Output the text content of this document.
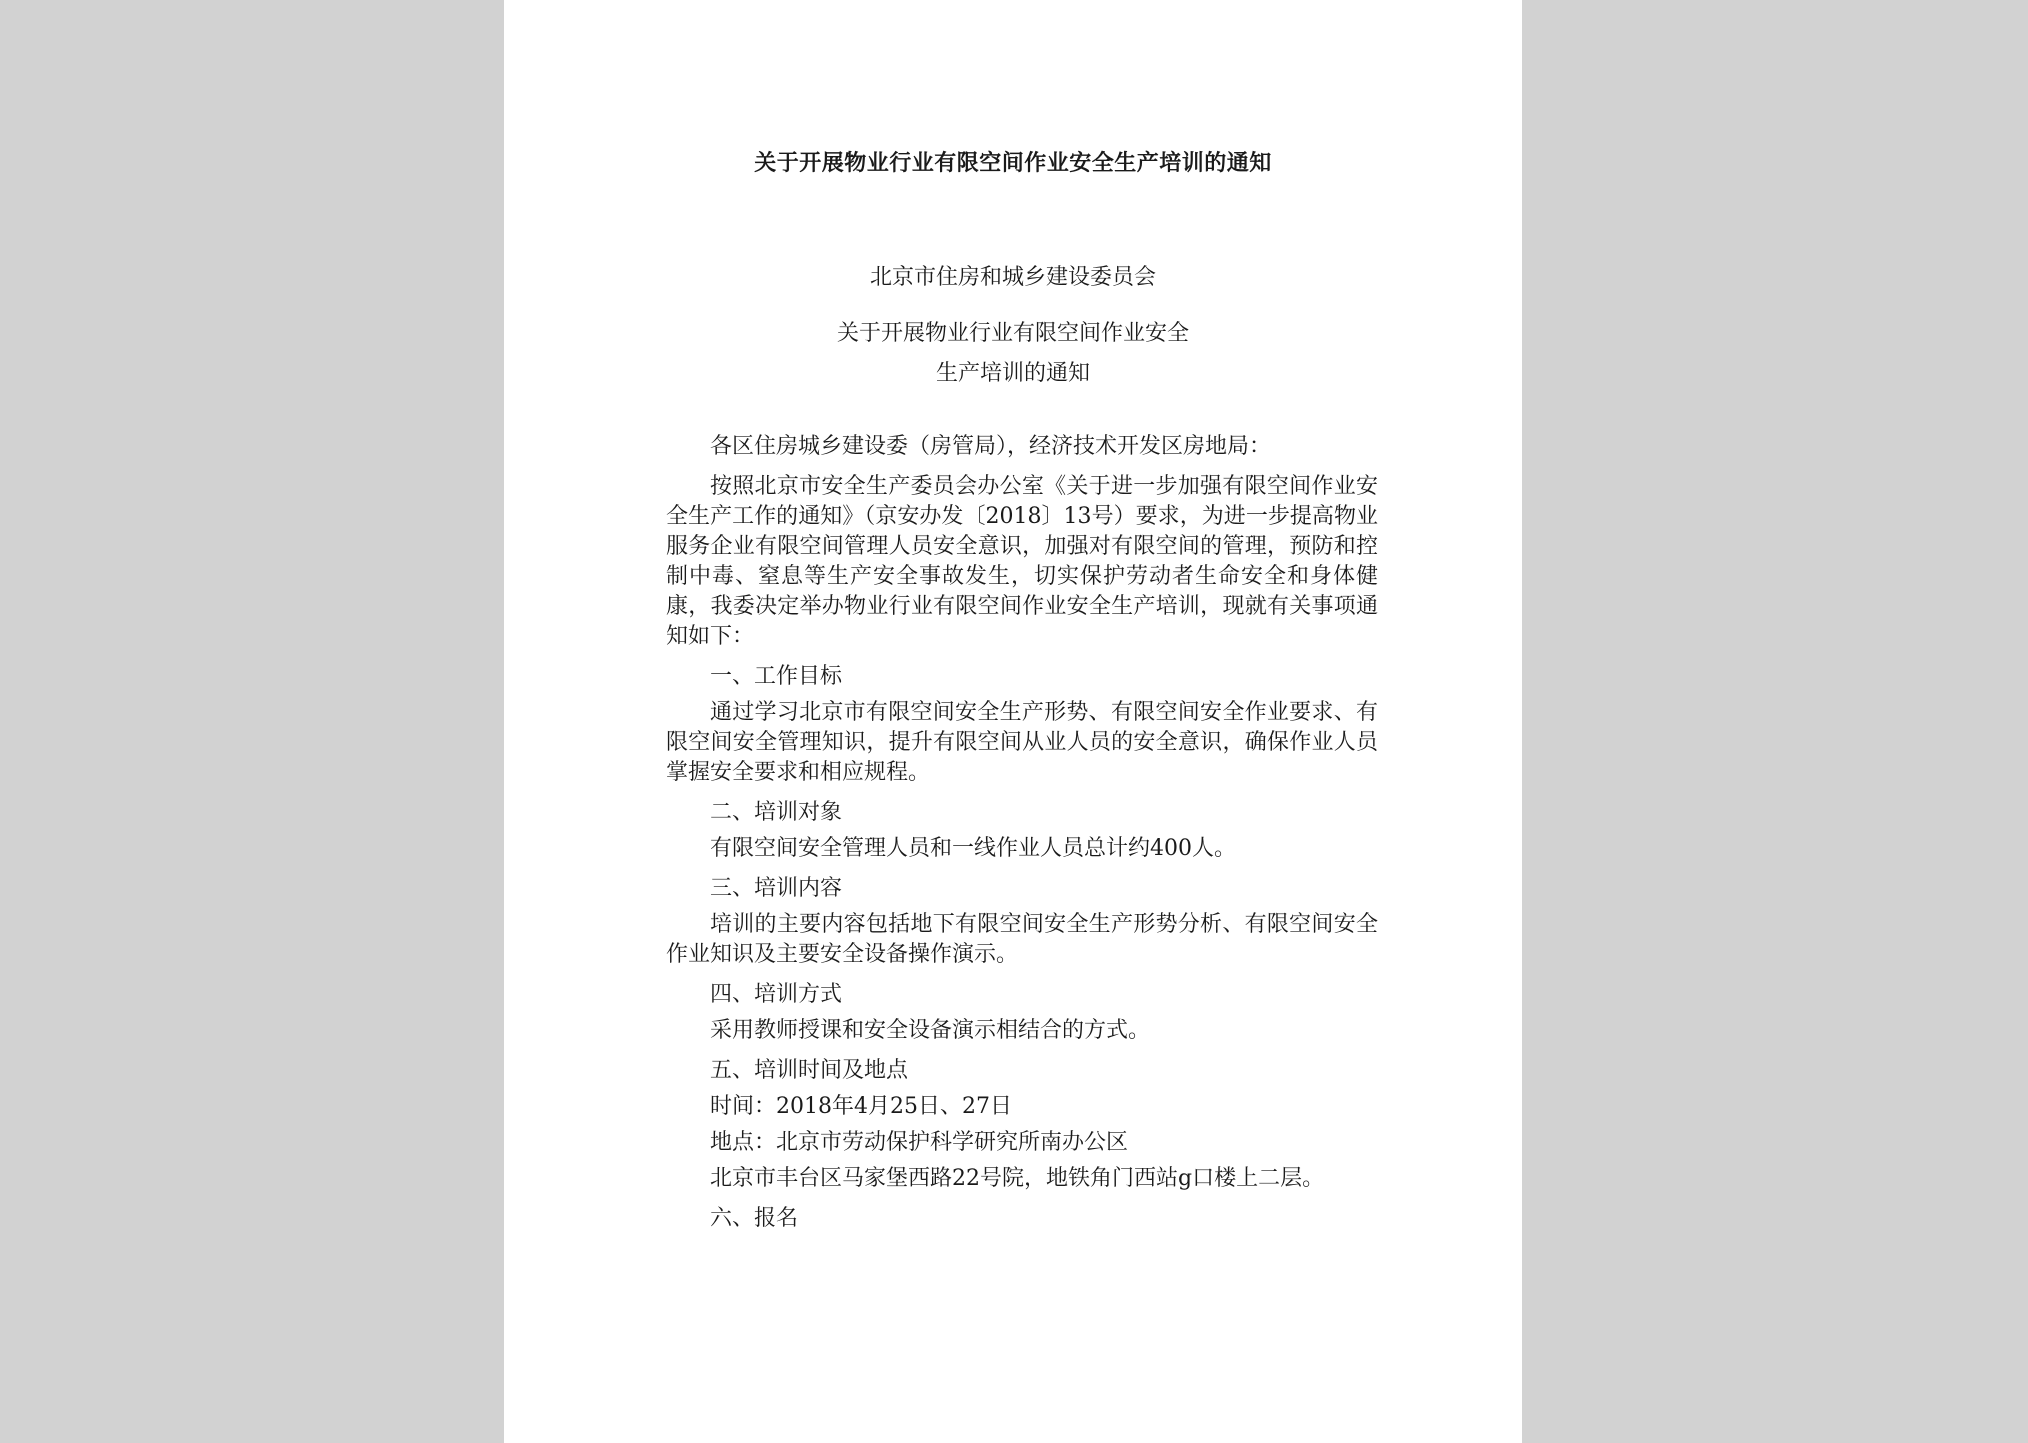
关于开展物业行业有限空间作业安全生产培训的通知

北京市住房和城乡建设委员会

关于开展物业行业有限空间作业安全
生产培训的通知

各区住房城乡建设委（房管局），经济技术开发区房地局：

按照北京市安全生产委员会办公室《关于进一步加强有限空间作业安全生产工作的通知》（京安办发〔2018〕13号）要求，为进一步提高物业服务企业有限空间管理人员安全意识，加强对有限空间的管理，预防和控制中毒、窒息等生产安全事故发生，切实保护劳动者生命安全和身体健康，我委决定举办物业行业有限空间作业安全生产培训，现就有关事项通知如下：

一、工作目标

通过学习北京市有限空间安全生产形势、有限空间安全作业要求、有限空间安全管理知识，提升有限空间从业人员的安全意识，确保作业人员掌握安全要求和相应规程。

二、培训对象

有限空间安全管理人员和一线作业人员总计约400人。

三、培训内容

培训的主要内容包括地下有限空间安全生产形势分析、有限空间安全作业知识及主要安全设备操作演示。

四、培训方式

采用教师授课和安全设备演示相结合的方式。

五、培训时间及地点

时间：2018年4月25日、27日

地点：北京市劳动保护科学研究所南办公区

北京市丰台区马家堡西路22号院，地铁角门西站g口楼上二层。

六、报名
